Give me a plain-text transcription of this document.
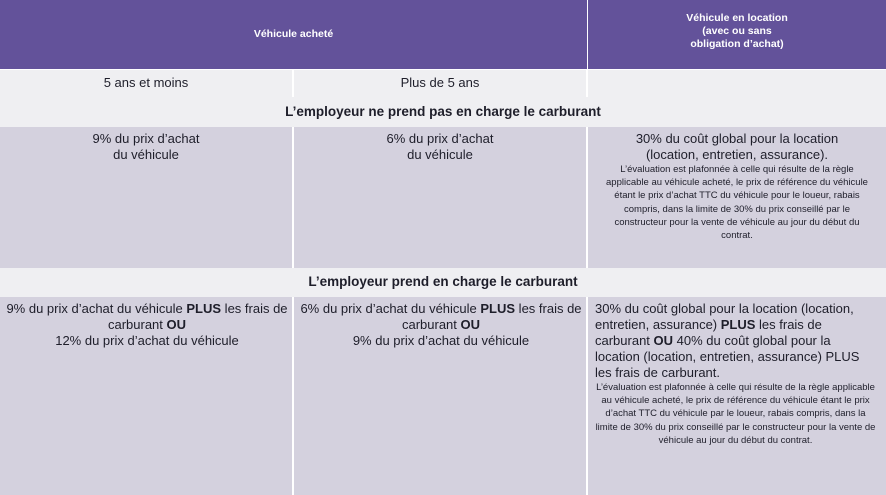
Véhicule acheté
Véhicule en location
(avec ou sans
obligation d’achat)
5 ans et moins	Plus de 5 ans
L’employeur ne prend pas en charge le carburant
9% du prix d’achat
du véhicule
6% du prix d’achat
du véhicule
30% du coût global pour la location
(location, entretien, assurance).
L’évaluation est plafonnée à celle qui résulte de la règle applicable au véhicule acheté, le prix de référence du véhicule étant le prix d’achat TTC du véhicule pour le loueur, rabais compris, dans la limite de 30% du prix conseillé par le constructeur pour la vente de véhicule au jour du début du contrat.
L’employeur prend en charge le carburant
9% du prix d’achat du véhicule PLUS les frais de carburant OU
12% du prix d’achat du véhicule
6% du prix d’achat du véhicule PLUS les frais de carburant OU
9% du prix d’achat du véhicule
30% du coût global pour la location (location, entretien, assurance) PLUS les frais de carburant OU 40% du coût global pour la location (location, entretien, assurance) PLUS les frais de carburant.
L’évaluation est plafonnée à celle qui résulte de la règle applicable au véhicule acheté, le prix de référence du véhicule étant le prix d’achat TTC du véhicule par le loueur, rabais compris, dans la limite de 30% du prix conseillé par le constructeur pour la vente de véhicule au jour du début du contrat.
